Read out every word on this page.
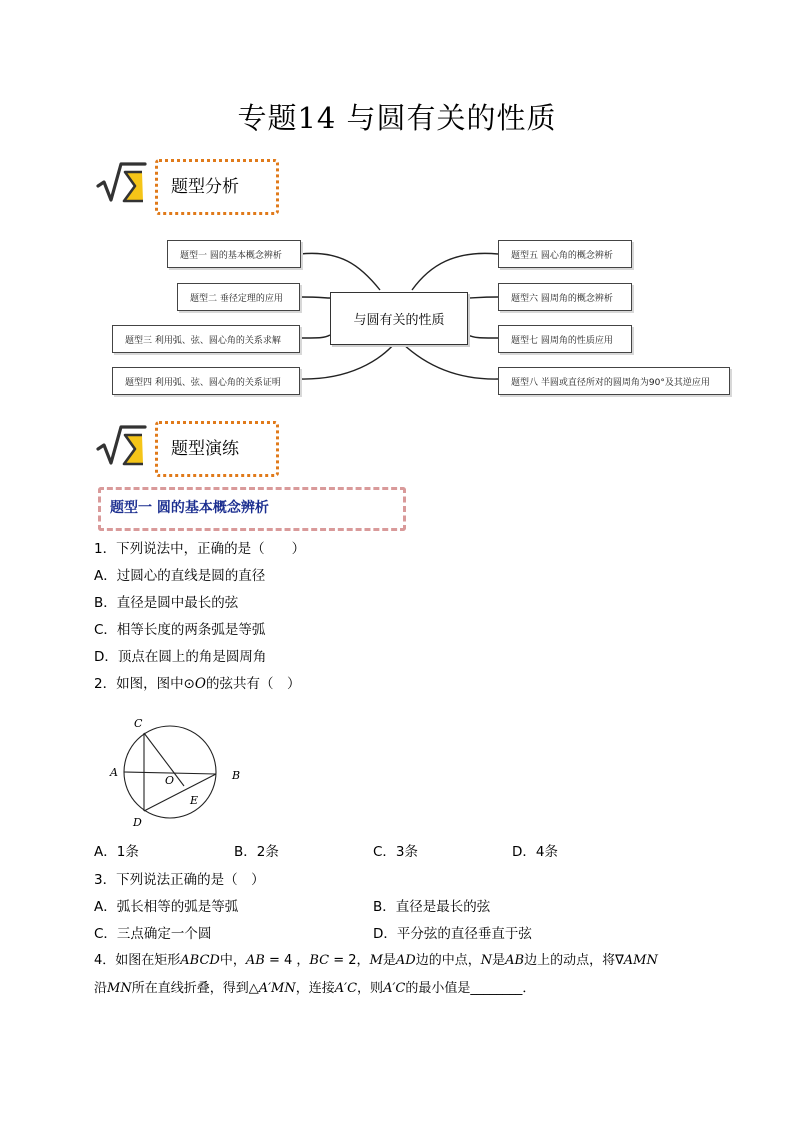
专题14 与圆有关的性质
题型分析
题型一 圆的基本概念辨析
题型二 垂径定理的应用
题型三 利用弧、弦、圆心角的关系求解
题型四 利用弧、弦、圆心角的关系证明
与圆有关的性质
题型五 圆心角的概念辨析
题型六 圆周角的概念辨析
题型七 圆周角的性质应用
题型八 半圆或直径所对的圆周角为90°及其逆应用
题型演练
题型一 圆的基本概念辨析
1．下列说法中，正确的是（　　）
A．过圆心的直线是圆的直径
B．直径是圆中最长的弦
C．相等长度的两条弧是等弧
D．顶点在圆上的角是圆周角
2．如图，图中⊙O的弦共有（　）
C
A
O	B
E
D
A．1条	B．2条	C．3条	D．4条
3．下列说法正确的是（　）
A．弧长相等的弧是等弧	B．直径是最长的弦
C．三点确定一个圆	D．平分弦的直径垂直于弦
4．如图在矩形ABCD中，AB = 4 ，BC = 2，M是AD边的中点，N是AB边上的动点，将∇AMN
沿MN所在直线折叠，得到△A′MN，连接A′C，则A′C的最小值是________．
